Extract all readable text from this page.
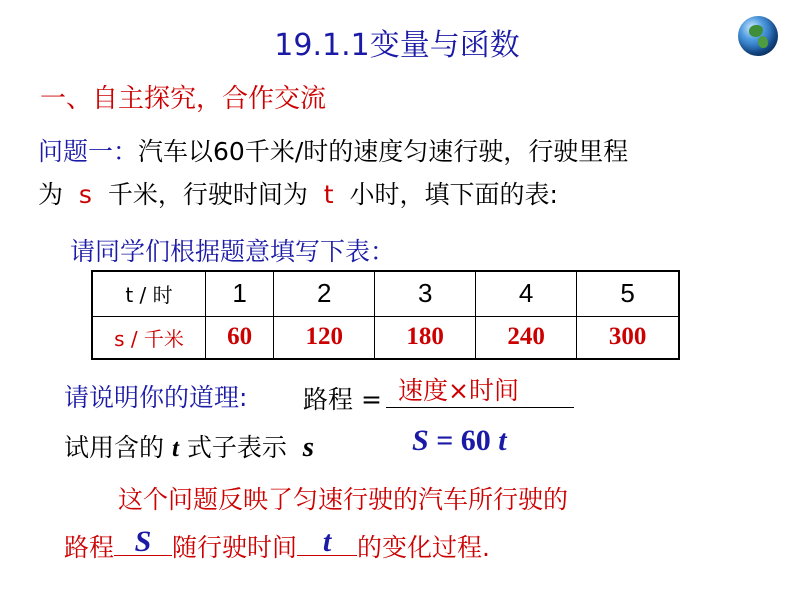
19.1.1变量与函数
一、自主探究，合作交流
问题一：汽车以60千米/时的速度匀速行驶，行驶里程
为 s 千米，行驶时间为 t 小时，填下面的表:
请同学们根据题意填写下表：
t / 时	1	2	3	4	5
s / 千米	60	120	180	240	300
请说明你的道理: 路程 = 速度×时间
试用含的 t 式子表示 s	S = 60 t
这个问题反映了匀速行驶的汽车所行驶的
路程 S 随行驶时间 t	的变化过程.
